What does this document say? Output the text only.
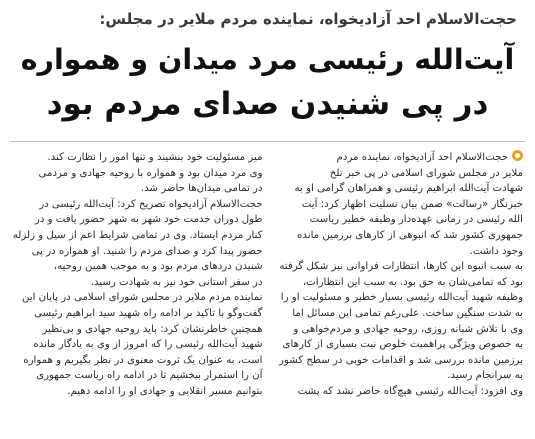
حجت‌الاسلام احد آزادیخواه، نماینده مردم ملایر در مجلس:
آیت‌الله رئیسی مرد میدان و همواره
در پی شنیدن صدای مردم بود
حجت‌الاسلام احد آزادیخواه، نماینده مردم
ملایر در مجلس شورای اسلامی در پی خبر تلخ
شهادت آیت‌الله ابراهیم رئیسی و همراهان گرامی او به
خبرنگار «رسالت» ضمن بیان تسلیت اظهار کرد: آیت
الله رئیسی در زمانی عهده‌دار وظیفه خطیر ریاست
جمهوری کشور شد که انبوهی از کارهای برزمین مانده
وجود داشت.
به سبب انبوه این کارها، انتظارات فراوانی نیز شکل گرفته
بود که تمامی‌شان به حق بود. به سبب این انتظارات،
وظیفه شهید آیت‌الله رئیسی بسیار خطیر و مسئولیت او را
به شدت سنگین ساخت. علی‌رغم تمامی این مسائل اما
وی با تلاش شبانه روزی، روحیه جهادی و مردم‌خواهی و
به خصوص ویژگی پراهمیت خلوص نیت بسیاری از کارهای
برزمین مانده بررسی شد و اقدامات خوبی در سطح کشور
به سرانجام رسید.
وی افزود: آیت‌الله رئیسی هیچ‌گاه حاضر نشد که پشت
میز مسئولیت خود بنشیند و تنها امور را نظارت کند.
وی مرد میدان بود و همواره با روحیه جهادی و مردمی
در تمامی میدان‌ها حاضر شد.
حجت‌الاسلام آزادیخواه تصریح کرد: آیت‌الله رئیسی در
طول دوران خدمت خود شهر به شهر حضور یافت و در
کنار مردم ایستاد. وی در تمامی شرایط اعم از سیل و زلزله
حضور پیدا کرد و صدای مردم را شنید. او همواره در پی
شنیدن دردهای مردم بود و به موجب همین روحیه،
در سفر استانی خود نیز به شهادت رسید.
نماینده مردم ملایر در مجلس شورای اسلامی در پایان این
گفت‌وگو با تاکید بر ادامه راه شهید سید ابراهیم رئیسی
همچنین خاطرنشان کرد: باید روحیه جهادی و بی‌نظیر
شهید آیت‌الله رئیسی را که امروز از وی به یادگار مانده
است، به عنوان یک ثروت معنوی در نظر بگیریم و همواره
آن را استمرار ببخشیم تا در ادامه راه ریاست جمهوری
بتوانیم مسیر انقلابی و جهادی او را ادامه دهیم.
